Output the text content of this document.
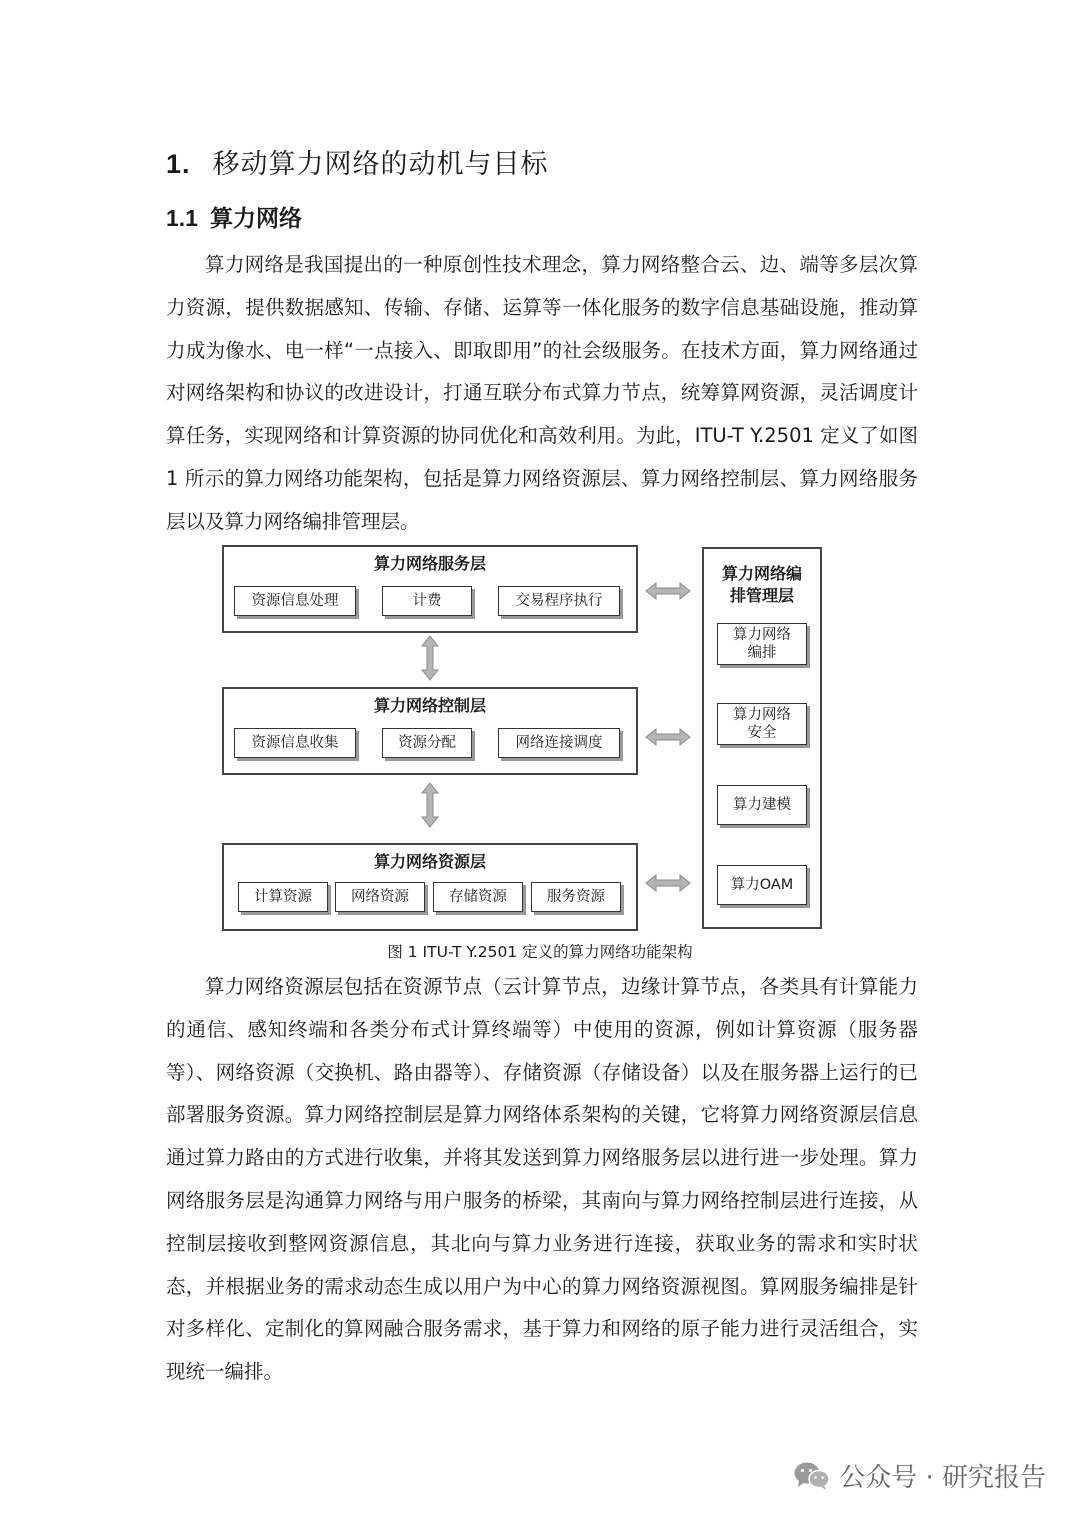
1. 移动算力网络的动机与目标
1.1 算力网络

算力网络是我国提出的一种原创性技术理念，算力网络整合云、边、端等多层次算力资源，提供数据感知、传输、存储、运算等一体化服务的数字信息基础设施，推动算力成为像水、电一样“一点接入、即取即用”的社会级服务。在技术方面，算力网络通过对网络架构和协议的改进设计，打通互联分布式算力节点，统筹算网资源，灵活调度计算任务，实现网络和计算资源的协同优化和高效利用。为此，ITU-T Y.2501 定义了如图 1 所示的算力网络功能架构，包括是算力网络资源层、算力网络控制层、算力网络服务层以及算力网络编排管理层。

算力网络服务层
资源信息处理	计费	交易程序执行
算力网络控制层
资源信息收集	资源分配	网络连接调度
算力网络资源层
计算资源	网络资源	存储资源	服务资源
算力网络编
排管理层
算力网络
编排
算力网络
安全
算力建模
算力OAM
图 1 ITU-T Y.2501 定义的算力网络功能架构

算力网络资源层包括在资源节点（云计算节点，边缘计算节点，各类具有计算能力的通信、感知终端和各类分布式计算终端等）中使用的资源，例如计算资源（服务器等）、网络资源（交换机、路由器等）、存储资源（存储设备）以及在服务器上运行的已部署服务资源。算力网络控制层是算力网络体系架构的关键，它将算力网络资源层信息通过算力路由的方式进行收集，并将其发送到算力网络服务层以进行进一步处理。算力网络服务层是沟通算力网络与用户服务的桥梁，其南向与算力网络控制层进行连接，从控制层接收到整网资源信息，其北向与算力业务进行连接，获取业务的需求和实时状态，并根据业务的需求动态生成以用户为中心的算力网络资源视图。算网服务编排是针对多样化、定制化的算网融合服务需求，基于算力和网络的原子能力进行灵活组合，实现统一编排。

公众号 · 研究报告
